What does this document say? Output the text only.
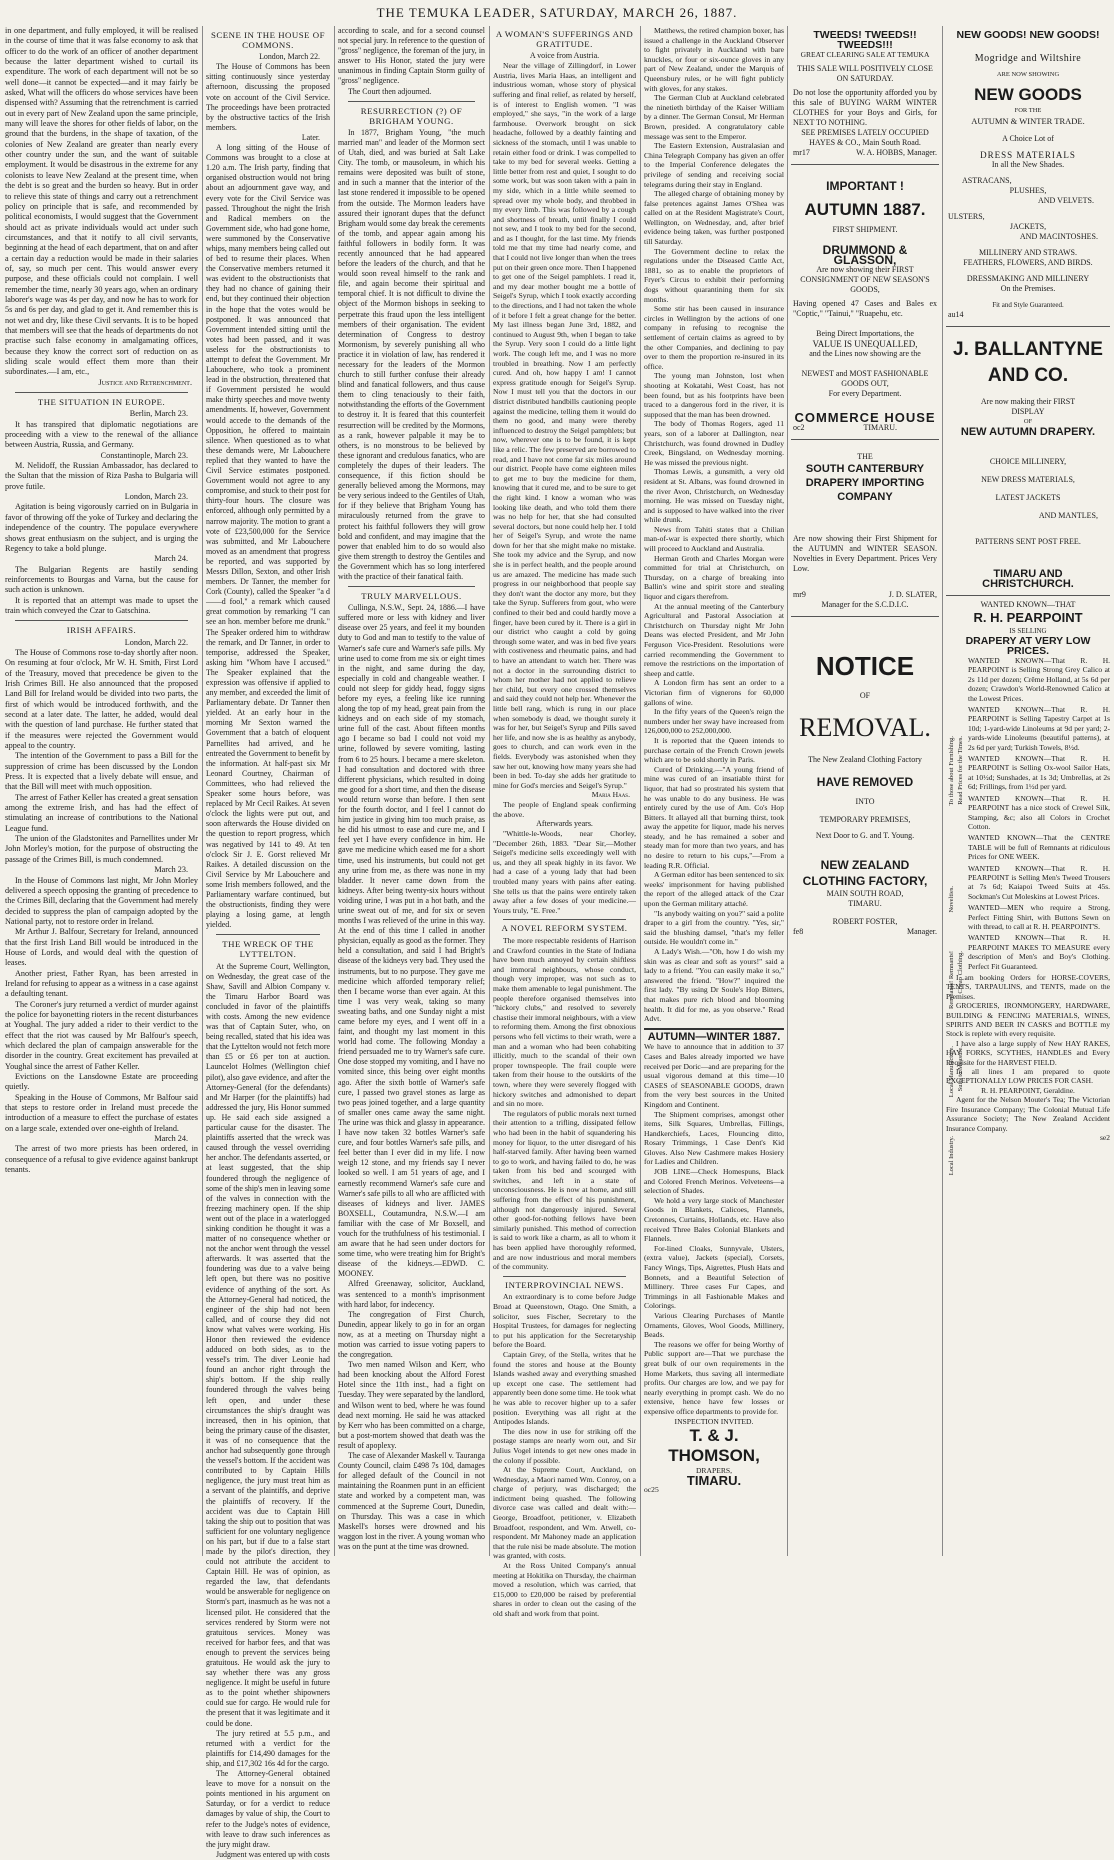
THE TEMUKA LEADER, SATURDAY, MARCH 26, 1887.

in one department, and fully employed, it will be realised in the course of time that it was false economy to ask that officer to do the work of an officer of another department because the latter department wished to curtail its expenditure. The work of each department will not be so well done—it cannot be expected—and it may fairly be asked, What will the officers do whose services have been dispensed with? Assuming that the retrenchment is carried out in every part of New Zealand upon the same principle, many will leave the shores for other fields of labor, on the ground that the burdens, in the shape of taxation, of the colonies of New Zealand are greater than nearly every other country under the sun, and the want of suitable employment. It would be disastrous in the extreme for any colonists to leave New Zealand at the present time, when the debt is so great and the burden so heavy. But in order to relieve this state of things and carry out a retrenchment policy on principle that is safe, and recommended by political economists, I would suggest that the Government should act as private individuals would act under such circumstances, and that it notify to all civil servants, beginning at the head of each department, that on and after a certain day a reduction would be made in their salaries of, say, so much per cent. This would answer every purpose, and these officials could not complain. I well remember the time, nearly 30 years ago, when an ordinary laborer's wage was 4s per day, and now he has to work for 5s and 6s per day, and glad to get it. And remember this is not wet and dry, like these Civil servants. It is to be hoped that members will see that the heads of departments do not practise such false economy in amalgamating offices, because they know the correct sort of reduction on as sliding scale would effect them more than their subordinates.—I am, etc.,

Justice and Retrenchment.
THE SITUATION IN EUROPE.
Berlin, March 23.

It has transpired that diplomatic negotiations are proceeding with a view to the renewal of the alliance between Austria, Russia, and Germany.

Constantinople, March 23.

M. Nelidoff, the Russian Ambassador, has declared to the Sultan that the mission of Riza Pasha to Bulgaria will prove futile.

London, March 23.

Agitation is being vigorously carried on in Bulgaria in favor of throwing off the yoke of Turkey and declaring the independence of the country. The populace everywhere shows great enthusiasm on the subject, and is urging the Regency to take a bold plunge.

March 24.

The Bulgarian Regents are hastily sending reinforcements to Bourgas and Varna, but the cause for such action is unknown.

It is reported that an attempt was made to upset the train which conveyed the Czar to Gatschina.

IRISH AFFAIRS.
London, March 22.

The House of Commons rose to-day shortly after noon. On resuming at four o'clock, Mr W. H. Smith, First Lord of the Treasury, moved that precedence be given to the Irish Crimes Bill. He also announced that the proposed Land Bill for Ireland would be divided into two parts, the first of which would be introduced forthwith, and the second at a later date. The latter, he added, would deal with the question of land purchase. He further stated that if the measures were rejected the Government would appeal to the country.

The intention of the Government to pass a Bill for the suppression of crime has been discussed by the London Press. It is expected that a lively debate will ensue, and that the Bill will meet with much opposition.

The arrest of Father Keller has created a great sensation among the extreme Irish, and has had the effect of stimulating an increase of contributions to the National League fund.

The union of the Gladstonites and Parnellites under Mr John Morley's motion, for the purpose of obstructing the passage of the Crimes Bill, is much condemned.

March 23.

In the House of Commons last night, Mr John Morley delivered a speech opposing the granting of precedence to the Crimes Bill, declaring that the Government had merely decided to suppress the plan of campaign adopted by the National party, not to restore order in Ireland.

Mr Arthur J. Balfour, Secretary for Ireland, announced that the first Irish Land Bill would be introduced in the House of Lords, and would deal with the question of leases.

Another priest, Father Ryan, has been arrested in Ireland for refusing to appear as a witness in a case against a defaulting tenant.

The Coroner's jury returned a verdict of murder against the police for bayonetting rioters in the recent disturbances at Youghal. The jury added a rider to their verdict to the effect that the riot was caused by Mr Balfour's speech, which declared the plan of campaign answerable for the disorder in the country. Great excitement has prevailed at Youghal since the arrest of Father Keller.

Evictions on the Lansdowne Estate are proceeding quietly.

Speaking in the House of Commons, Mr Balfour said that steps to restore order in Ireland must precede the introduction of a measure to effect the purchase of estates on a large scale, extended over one-eighth of Ireland.

March 24.

The arrest of two more priests has been ordered, in consequence of a refusal to give evidence against bankrupt tenants.

SCENE IN THE HOUSE OF COMMONS.
London, March 22.

The House of Commons has been sitting continuously since yesterday afternoon, discussing the proposed vote on account of the Civil Service. The proceedings have been protracted by the obstructive tactics of the Irish members.

Later.

A long sitting of the House of Commons was brought to a close at 1.20 a.m. The Irish party, finding that organised obstruction would not bring about an adjournment gave way, and every vote for the Civil Service was passed. Throughout the night the Irish and Radical members on the Government side, who had gone home, were summoned by the Conservative whips, many members being called out of bed to resume their places. When the Conservative members returned it was evident to the obstructionists that they had no chance of gaining their end, but they continued their objection in the hope that the votes would be postponed. It was announced that Government intended sitting until the votes had been passed, and it was useless for the obstructionists to attempt to defeat the Government. Mr Labouchere, who took a prominent lead in the obstruction, threatened that if Government persisted he would make thirty speeches and move twenty amendments. If, however, Government would accede to the demands of the Opposition, he offered to maintain silence. When questioned as to what these demands were, Mr Labouchere replied that they wanted to have the Civil Service estimates postponed. Government would not agree to any compromise, and stuck to their post for thirty-four hours. The closure was enforced, although only permitted by a narrow majority. The motion to grant a vote of £23,500,000 for the Service was submitted, and Mr Labouchere moved as an amendment that progress be reported, and was supported by Messrs Dillon, Sexton, and other Irish members. Dr Tanner, the member for Cork (County), called the Speaker "a d——d fool," a remark which caused great commotion by remarking "I can see an hon. member before me drunk." The Speaker ordered him to withdraw the remark, and Dr Tanner, in order to temporise, addressed the Speaker, asking him "Whom have I accused." The Speaker explained that the expression was offensive if applied to any member, and exceeded the limit of Parliamentary debate. Dr Tanner then yielded. At an early hour in the morning Mr Sexton warned the Government that a batch of eloquent Parnellites had arrived, and he entreated the Government to benefit by the information. At half-past six Mr Leonard Courtney, Chairman of Committees, who had relieved the Speaker some hours before, was replaced by Mr Cecil Raikes. At seven o'clock the lights were put out, and soon afterwards the House divided on the question to report progress, which was negatived by 141 to 49. At ten o'clock Sir J. E. Gorst relieved Mr Raikes. A detailed discussion on the Civil Service by Mr Labouchere and some Irish members followed, and the Parliamentary warfare continued, but the obstructionists, finding they were playing a losing game, at length yielded.

THE WRECK OF THE LYTTELTON.

At the Supreme Court, Wellington, on Wednesday, the great case of the Shaw, Savill and Albion Company v. the Timaru Harbor Board was concluded in favor of the plaintiffs with costs. Among the new evidence was that of Captain Suter, who, on being recalled, stated that his idea was that the Lyttelton would not fetch more than £5 or £6 per ton at auction. Launcelot Holmes (Wellington chief pilot), also gave evidence, and after the Attorney-General (for the defendants) and Mr Harper (for the plaintiffs) had addressed the jury, His Honor summed up. He said each side assigned a particular cause for the disaster. The plaintiffs asserted that the wreck was caused through the vessel overriding her anchor. The defendants asserted, or at least suggested, that the ship foundered through the negligence of some of the ship's men in leaving some of the valves in connection with the freezing machinery open. If the ship went out of the place in a waterlogged sinking condition he thought it was a matter of no consequence whether or not the anchor went through the vessel afterwards. It was asserted that the foundering was due to a valve being left open, but there was no positive evidence of anything of the sort. As the Attorney-General had noticed, the engineer of the ship had not been called, and of course they did not know what valves were working. His Honor then reviewed the evidence adduced on both sides, as to the vessel's trim. The diver Leonie had found an anchor right through the ship's bottom. If the ship really foundered through the valves being left open, and under these circumstances the ship's draught was increased, then in his opinion, that being the primary cause of the disaster, it was of no consequence that the anchor had subsequently gone through the vessel's bottom. If the accident was contributed to by Captain Hills negligence, the jury must treat him as a servant of the plaintiffs, and deprive the plaintiffs of recovery. If the accident was due to Captain Hill taking the ship out to position that was sufficient for one voluntary negligence on his part, but if due to a false start made by the pilot's direction, they could not attribute the accident to Captain Hill. He was of opinion, as regarded the law, that defendants would be answerable for negligence on Storm's part, inasmuch as he was not a licensed pilot. He considered that the services rendered by Storm were not gratuitous services. Money was received for harbor fees, and that was enough to prevent the services being gratuitous. He would ask the jury to say whether there was any gross negligence. It might be useful in future as to the point whether shipowners could sue for cargo. He would rule for the present that it was legitimate and it could be done.

The jury retired at 5.5 p.m., and returned with a verdict for the plaintiffs for £14,490 damages for the ship, and £17,302 16s 4d for the cargo.

The Attorney-General obtained leave to move for a nonsuit on the points mentioned in his argument on Saturday, or for a verdict to reduce damages by value of ship, the Court to refer to the Judge's notes of evidence, with leave to draw such inferences as the jury might draw.

Judgment was entered up with costs

according to scale, and for a second counsel not special jury. In reference to the question of "gross" negligence, the foreman of the jury, in answer to His Honor, stated the jury were unanimous in finding Captain Storm guilty of "gross" negligence.

The Court then adjourned.

RESURRECTION (?) OF BRIGHAM YOUNG.

In 1877, Brigham Young, "the much married man" and leader of the Mormon sect of Utah, died, and was buried at Salt Lake City. The tomb, or mausoleum, in which his remains were deposited was built of stone, and in such a manner that the interior of the last stone rendered it impossible to be opened from the outside. The Mormon leaders have assured their ignorant dupes that the defunct Brigham would some day break the cerements of the tomb, and appear again among his faithful followers in bodily form. It was recently announced that he had appeared before the leaders of the church, and that he would soon reveal himself to the rank and file, and again become their spiritual and temporal chief. It is not difficult to divine the object of the Mormon bishops in seeking to perpetrate this fraud upon the less intelligent members of their organisation. The evident determination of Congress to destroy Mormonism, by severely punishing all who practice it in violation of law, has rendered it necessary for the leaders of the Mormon church to still further confuse their already blind and fanatical followers, and thus cause them to cling tenaciously to their faith, notwithstanding the efforts of the Government to destroy it. It is feared that this counterfeit resurrection will be credited by the Mormons, as a rank, however palpable it may be to others, is no monstrous to be believed by these ignorant and credulous fanatics, who are completely the dupes of their leaders. The consequence, if this fiction should be generally believed among the Mormons, may be very serious indeed to the Gentiles of Utah, for if they believe that Brigham Young has miraculously returned from the grave to protect his faithful followers they will grow bold and confident, and may imagine that the power that enabled him to do so would also give them strength to destroy the Gentiles and the Government which has so long interfered with the practice of their fanatical faith.

TRULY MARVELLOUS.

Cullinga, N.S.W., Sept. 24, 1886.—I have suffered more or less with kidney and liver disease over 25 years, and feel it my bounden duty to God and man to testify to the value of Warner's safe cure and Warner's safe pills. My urine used to come from me six or eight times in the night, and same during the day, especially in cold and changeable weather. I could not sleep for giddy head, foggy signs before my eyes, a feeling like ice running along the top of my head, great pain from the kidneys and on each side of my stomach, urine full of the cast. About fifteen months ago I became so bad I could not void my urine, followed by severe vomiting, lasting from 6 to 25 hours. I became a mere skeleton. I had consultation and doctored with three different physicians, which resulted in doing me good for a short time, and then the disease would return worse than before. I then sent for the fourth doctor, and I feel I cannot do him justice in giving him too much praise, as he did his utmost to ease and cure me, and I feel yet I have every confidence in him. He gave me medicine which eased me for a short time, used his instruments, but could not get any urine from me, as there was none in my bladder. It never came down from the kidneys. After being twenty-six hours without voiding urine, I was put in a hot bath, and the urine sweat out of me, and for six or seven months I was relieved of the urine in this way. At the end of this time I called in another physician, equally as good as the former. They held a consultation, and said I had Bright's disease of the kidneys very bad. They used the instruments, but to no purpose. They gave me medicine which afforded temporary relief; then I became worse than ever again. At this time I was very weak, taking so many sweating baths, and one Sunday night a mist came before my eyes, and I went off in a faint, and thought my last moment in this world had come. The following Monday a friend persuaded me to try Warner's safe cure. One dose stopped my vomiting, and I have no vomited since, this being over eight months ago. After the sixth bottle of Warner's safe cure, I passed two gravel stones as large as two peas joined together, and a large quantity of smaller ones came away the same night. The urine was thick and glassy in appearance. I have now taken 32 bottles Warner's safe cure, and four bottles Warner's safe pills, and feel better than I ever did in my life. I now weigh 12 stone, and my friends say I never looked so well. I am 51 years of age, and I earnestly recommend Warner's safe cure and Warner's safe pills to all who are afflicted with diseases of kidneys and liver. JAMES BOXSELL, Coutamundra, N.S.W.—I am familiar with the case of Mr Boxsell, and vouch for the truthfulness of his testimonial. I am aware that he had seen under doctors for some time, who were treating him for Bright's disease of the kidneys.—EDWD. C. MOONEY.

Alfred Greenaway, solicitor, Auckland, was sentenced to a month's imprisonment with hard labor, for indecency.

The congregation of First Church, Dunedin, appear likely to go in for an organ now, as at a meeting on Thursday night a motion was carried to issue voting papers to the congregation.

Two men named Wilson and Kerr, who had been knocking about the Alford Forest Hotel since the 11th inst., had a fight on Tuesday. They were separated by the landlord, and Wilson went to bed, where he was found dead next morning. He said he was attacked by Kerr who has been committed on a charge, but a post-mortem showed that death was the result of apoplexy.

The case of Alexander Maskell v. Tauranga County Council, claim £498 7s 10d, damages for alleged default of the Council in not maintaining the Roanmen punt in an efficient state and worked by a competent man, was commenced at the Supreme Court, Dunedin, on Thursday. This was a case in which Maskell's horses were drowned and his waggon lost in the river. A young woman who was on the punt at the time was drowned.

A WOMAN'S SUFFERINGS AND GRATITUDE.
A voice from Austria.

Near the village of Zillingdorf, in Lower Austria, lives Maria Haas, an intelligent and industrious woman, whose story of physical suffering and final relief, as related by herself, is of interest to English women. "I was employed," she says, "in the work of a large farmhouse. Overwork brought on sick headache, followed by a deathly fainting and sickness of the stomach, until I was unable to retain either food or drink. I was compelled to take to my bed for several weeks. Getting a little better from rest and quiet, I sought to do some work, but was soon taken with a pain in my side, which in a little while seemed to spread over my whole body, and throbbed in my every limb. This was followed by a cough and shortness of breath, until finally I could not sew, and I took to my bed for the second, and as I thought, for the last time. My friends told me that my time had nearly come, and that I could not live longer than when the trees put on their green once more. Then I happened to get one of the Seigel pamphlets. I read it, and my dear mother bought me a bottle of Seigel's Syrup, which I took exactly according to the directions, and I had not taken the whole of it before I felt a great change for the better. My last illness began June 3rd, 1882, and continued to August 9th, when I began to take the Syrup. Very soon I could do a little light work. The cough left me, and I was no more troubled in breathing. Now I am perfectly cured. And oh, how happy I am! I cannot express gratitude enough for Seigel's Syrup. Now I must tell you that the doctors in our district distributed handbills cautioning people against the medicine, telling them it would do them no good, and many were thereby influenced to destroy the Seigel pamphlets; but now, wherever one is to be found, it is kept like a relic. The few preserved are borrowed to read, and I have not come far six miles around our district. People have come eighteen miles to get me to buy the medicine for them, knowing that it cured me, and to be sure to get the right kind. I know a woman who was looking like death, and who told them there was no help for her, that she had consulted several doctors, but none could help her. I told her of Seigel's Syrup, and wrote the name down for her that she might make no mistake. She took my advice and the Syrup, and now she is in perfect health, and the people around us are amazed. The medicine has made such progress in our neighborhood that people say they don't want the doctor any more, but they take the Syrup. Sufferers from gout, who were confined to their bed and could hardly move a finger, have been cured by it. There is a girl in our district who caught a cold by going through some water, and was in bed five years with costiveness and rheumatic pains, and had to have an attendant to watch her. There was not a doctor in the surrounding district to whom her mother had not applied to relieve her child, but every one crossed themselves and said they could not help her. Whenever the little bell rang, which is rung in our place when somebody is dead, we thought surely it was for her, but Seigel's Syrup and Pills saved her life, and now she is as healthy as anybody, goes to church, and can work even in the fields. Everybody was astonished when they saw her out, knowing how many years she had been in bed. To-day she adds her gratitude to mine for God's mercies and Seigel's Syrup."

Maria Haas.

The people of England speak confirming the above.

Afterwards years.

"Whittle-le-Woods, near Chorley, "December 26th, 1883. "Dear Sir,—Mother Seigel's medicine sells exceedingly well with us, and they all speak highly in its favor. We had a case of a young lady that had been troubled many years with pains after eating. She tells us that the pains were entirely taken away after a few doses of your medicine.—Yours truly, "E. Free."

A NOVEL REFORM SYSTEM.

The more respectable residents of Harrison and Crawford counties in the State of Indiana have been much annoyed by certain shiftless and immoral neighbours, whose conduct, though very improper, was not such as to make them amenable to legal punishment. The people therefore organised themselves into "hickory clubs," and resolved to severely chastise their immoral neighbours, with a view to reforming them. Among the first obnoxious persons who fell victims to their wrath, were a man and a woman who had been cohabiting illicitly, much to the scandal of their own proper townspeople. The frail couple were taken from their house to the outskirts of the town, where they were severely flogged with hickory switches and admonished to depart and sin no more.

The regulators of public morals next turned their attention to a trifling, dissipated fellow who had been in the habit of squandering his money for liquor, to the utter disregard of his half-starved family. After having been warned to go to work, and having failed to do, he was taken from his bed and scourged with switches, and left in a state of unconsciousness. He is now at home, and still suffering from the effect of his punishment, although not dangerously injured. Several other good-for-nothing fellows have been similarly punished. This method of correction is said to work like a charm, as all to whom it has been applied have thoroughly reformed, and are now industrious and moral members of the community.

INTERPROVINCIAL NEWS.

An extraordinary is to come before Judge Broad at Queenstown, Otago. One Smith, a solicitor, sues Fischer, Secretary to the Hospital Trustees, for damages for neglecting to put his application for the Secretaryship before the Board.

Captain Grey, of the Stella, writes that he found the stores and house at the Bounty Islands washed away and everything smashed up except one case. The settlement had apparently been done some time. He took what he was able to recover higher up to a safer position. Everything was all right at the Antipodes Islands.

The dies now in use for striking off the postage stamps are nearly worn out, and Sir Julius Vogel intends to get new ones made in the colony if possible.

At the Supreme Court, Auckland, on Wednesday, a Maori named Wm. Conroy, on a charge of perjury, was discharged; the indictment being quashed. The following divorce case was called and dealt with:—George, Broadfoot, petitioner, v. Elizabeth Broadfoot, respondent, and Wm. Atwell, co-respondent. Mr Mahoney made an application that the rule nisi be made absolute. The motion was granted, with costs.

At the Ross United Company's annual meeting at Hokitika on Thursday, the chairman moved a resolution, which was carried, that £15,000 to £20,000 be raised by preferential shares in order to clean out the casing of the old shaft and work from that point.

Matthews, the retired champion boxer, has issued a challenge in the Auckland Observer to fight privately in Auckland with bare knuckles, or four or six-ounce gloves in any part of New Zealand, under the Marquis of Queensbury rules, or he will fight publicly with gloves, for any stakes.

The German Club at Auckland celebrated the ninetieth birthday of the Kaiser William by a dinner. The German Consul, Mr Herman Brown, presided. A congratulatory cable message was sent to the Emperor.

The Eastern Extension, Australasian and China Telegraph Company has given an offer to the Imperial Conference delegates the privilege of sending and receiving social telegrams during their stay in England.

The alleged charge of obtaining money by false pretences against James O'Shea was called on at the Resident Magistrate's Court, Wellington, on Wednesday, and, after brief evidence being taken, was further postponed till Saturday.

The Government decline to relax the regulations under the Diseased Cattle Act, 1881, so as to enable the proprietors of Fryer's Circus to exhibit their performing dogs without quarantining them for six months.

Some stir has been caused in insurance circles in Wellington by the actions of one company in refusing to recognise the settlement of certain claims as agreed to by the other Companies, and declining to pay over to them the proportion re-insured in its office.

The young man Johnston, lost when shooting at Kokatahi, West Coast, has not been found, but as his footprints have been traced to a dangerous ford in the river, it is supposed that the man has been drowned.

The body of Thomas Rogers, aged 11 years, son of a laborer at Dallington, near Christchurch, was found drowned in Dudley Creek, Bingsland, on Wednesday morning. He was missed the previous night.

Thomas Lewis, a gunsmith, a very old resident at St. Albans, was found drowned in the river Avon, Christchurch, on Wednesday morning. He was missed on Tuesday night, and is supposed to have walked into the river while drunk.

News from Tahiti states that a Chilian man-of-war is expected there shortly, which will proceed to Auckland and Australia.

Herman Groth and Charles Morgan were committed for trial at Christchurch, on Thursday, on a charge of breaking into Ballin's wine and spirit store and stealing liquor and cigars therefrom.

At the annual meeting of the Canterbury Agricultural and Pastoral Association at Christchurch on Thursday night Mr John Deans was elected President, and Mr John Ferguson Vice-President. Resolutions were carried recommending the Government to remove the restrictions on the importation of sheep and cattle.

A London firm has sent an order to a Victorian firm of vignerons for 60,000 gallons of wine.

In the fifty years of the Queen's reign the numbers under her sway have increased from 126,000,000 to 252,000,000.

It is reported that the Queen intends to purchase certain of the French Crown jewels which are to be sold shortly in Paris.

Cured of Drinking.—"A young friend of mine was cured of an insatiable thirst for liquor, that had so prostrated his system that he was unable to do any business. He was entirely cured by the use of Am. Co's Hop Bitters. It allayed all that burning thirst, took away the appetite for liquor, made his nerves steady, and he has remained a sober and steady man for more than two years, and has no desire to return to his cups,"—From a leading R.R. Official.

A German editor has been sentenced to six weeks' imprisonment for having published the report of the alleged attack of the Czar upon the German military attaché.

"Is anybody waiting on you?" said a polite draper to a girl from the country. "Yes, sir," said the blushing damsel, "that's my feller outside. He wouldn't come in."

A Lady's Wish.—"Oh, how I do wish my skin was as clear and soft as yours!" said a lady to a friend. "You can easily make it so," answered the friend. "How?" inquired the first lady. "By using Dr Soule's Hop Bitters, that makes pure rich blood and blooming health. It did for me, as you observe." Read Advt.

AUTUMN—WINTER 1887.

We have to announce that in addition to 37 Cases and Bales already imported we have received per Doric—and are preparing for the usual vigorous demand at this time—10 CASES of SEASONABLE GOODS, drawn from the very best sources in the United Kingdom and Continent.

The Shipment comprises, amongst other items, Silk Squares, Umbrellas, Fillings, Handkerchiefs, Laces, Flouncing ditto, Rosary Trimmings, 1 Case Dent's Kid Gloves. Also New Cashmere makes Hosiery for Ladies and Children.

JOB LINE—Check Homespuns, Black and Colored French Merinos. Velveteens—a selection of Shades.

We hold a very large stock of Manchester Goods in Blankets, Calicoes, Flannels, Cretonnes, Curtains, Hollands, etc. Have also received Three Bales Colonial Blankets and Flannels.

For-lined Cloaks, Sunnyvale, Ulsters, (extra value), Jackets (special), Corsets, Fancy Wings, Tips, Aigrettes, Plush Hats and Bonnets, and a Beautiful Selection of Millinery. Three cases Fur Capes, and Trimmings in all Fashionable Makes and Colorings.

Various Clearing Purchases of Mantle Ornaments, Gloves, Wool Goods, Millinery, Beads.

The reasons we offer for being Worthy of Public support are—That we purchase the great bulk of our own requirements in the Home Markets, thus saving all intermediate profits. Our charges are low, and we pay for nearly everything in prompt cash. We do no extensive, hence have few losses or expensive office departments to provide for.

INSPECTION INVITED.
T. & J. THOMSON,
DRAPERS,
TIMARU.
oc25
TWEEDS! TWEEDS!! TWEEDS!!!
GREAT CLEARING SALE AT TEMUKA
THIS SALE WILL POSITIVELY CLOSE ON SATURDAY.

Do not lose the opportunity afforded you by this sale of BUYING WARM WINTER CLOTHES for your Boys and Girls, for NEXT TO NOTHING.

SEE PREMISES LATELY OCCUPIED HAYES & CO., Main South Road.
mr17	W. A. HOBBS, Manager.
IMPORTANT !
AUTUMN 1887.
FIRST SHIPMENT.
DRUMMOND & GLASSON,
Are now showing their FIRST CONSIGNMENT OF NEW SEASON'S GOODS,

Having opened 47 Cases and Bales ex "Coptic," "Tainui," "Ruapehu, etc.

Being Direct Importations, the
VALUE IS UNEQUALLED,
and the Lines now showing are the
NEWEST and MOST FASHIONABLE GOODS OUT,
For every Department.
COMMERCE HOUSE
oc2	TIMARU.
THE
SOUTH CANTERBURY DRAPERY IMPORTING COMPANY

Are now showing their First Shipment for the AUTUMN and WINTER SEASON. Novelties in Every Department. Prices Very Low.

mr9	J. D. SLATER,
Manager for the S.C.D.I.C.
NOTICE
OF
REMOVAL.
The New Zealand Clothing Factory
HAVE REMOVED
INTO
TEMPORARY PREMISES,
Next Door to G. and T. Young.
NEW ZEALAND CLOTHING FACTORY,
MAIN SOUTH ROAD,
TIMARU.
ROBERT FOSTER,
fe8	Manager.
NEW GOODS! NEW GOODS!
Mogridge and Wiltshire
ARE NOW SHOWING
NEW GOODS
FOR THE
AUTUMN & WINTER TRADE.
A Choice Lot of
DRESS MATERIALS
In all the New Shades.
ASTRACANS,
PLUSHES,
AND VELVETS.
ULSTERS,
JACKETS,
AND MACINTOSHES.
MILLINERY AND STRAWS.
FEATHERS, FLOWERS, AND BIRDS.
DRESSMAKING AND MILLINERY
On the Premises.
Fit and Style Guaranteed.
au14
J. BALLANTYNE
AND CO.
Are now making their FIRST
DISPLAY
OF
NEW AUTUMN DRAPERY.
CHOICE MILLINERY,
NEW DRESS MATERIALS,
LATEST JACKETS
AND MANTLES,
PATTERNS SENT POST FREE.
TIMARU AND CHRISTCHURCH.
WANTED KNOWN—THAT
R. H. PEARPOINT
IS SELLING
DRAPERY AT VERY LOW PRICES.

WANTED KNOWN—That R. H. PEARPOINT is Selling Strong Grey Calico at 2s 11d per dozen; Crême Holland, at 5s 6d per dozen; Crawdon's World-Renowned Calico at the Lowest Prices.

WANTED KNOWN—That R. H. PEARPOINT is Selling Tapestry Carpet at 1s 10d; 1-yard-wide Linoleums at 9d per yard; 2-yards-wide Linoleums (beautiful patterns), at 2s 6d per yard; Turkish Towels, 8½d.

WANTED KNOWN—That R. H. PEARPOINT is Selling Ox-wool Sailor Hats, at 10½d; Sunshades, at 1s 3d; Umbrellas, at 2s 6d; Frillings, from 1½d per yard.

WANTED KNOWN—That R. H. PEARPOINT has a nice stock of Crewel Silk, Stamping, &c; also all Colors in Crochet Cotton.

WANTED KNOWN—That the CENTRE TABLE will be full of Remnants at ridiculous Prices for ONE WEEK.

WANTED KNOWN—That R. H. PEARPOINT is Selling Men's Tweed Trousers at 7s 6d; Kaiapoi Tweed Suits at 45s. Sockman's Cut Moleskins at Lowest Prices.

WANTED—MEN who require a Strong, Perfect Fitting Shirt, with Buttons Sewn on with thread, to call at R. H. PEARPOINT'S.

WANTED KNOWN—That R. H. PEARPOINT MAKES TO MEASURE every description of Men's and Boy's Clothing. Perfect Fit Guaranteed.

I am booking Orders for HORSE-COVERS, TENTS, TARPAULINS, and TENTS, made on the Premises.

GROCERIES, IRONMONGERY, HARDWARE, BUILDING & FENCING MATERIALS, WINES, SPIRITS AND BEER IN CASKS and BOTTLE my Stock is replete with every requisite.

I have also a large supply of New HAY RAKES, HAY FORKS, SCYTHES, HANDLES and Every Requisite for the HARVEST FIELD.

In all lines I am prepared to quote EXCEPTIONALLY LOW PRICES FOR CASH.

R. H. PEARPOINT, Geraldine.

Agent for the Nelson Mouter's Tea; The Victorian Fire Insurance Company; The Colonial Mutual Life Assurance Society; The New Zealand Accident Insurance Company.

se2
To those about Furnishing. Read Prices for the Times.
Novelties.
Remnants! Remnants! Cheap Clothing.
Local Manufacture. Suits to Measure.
Local Industry.
